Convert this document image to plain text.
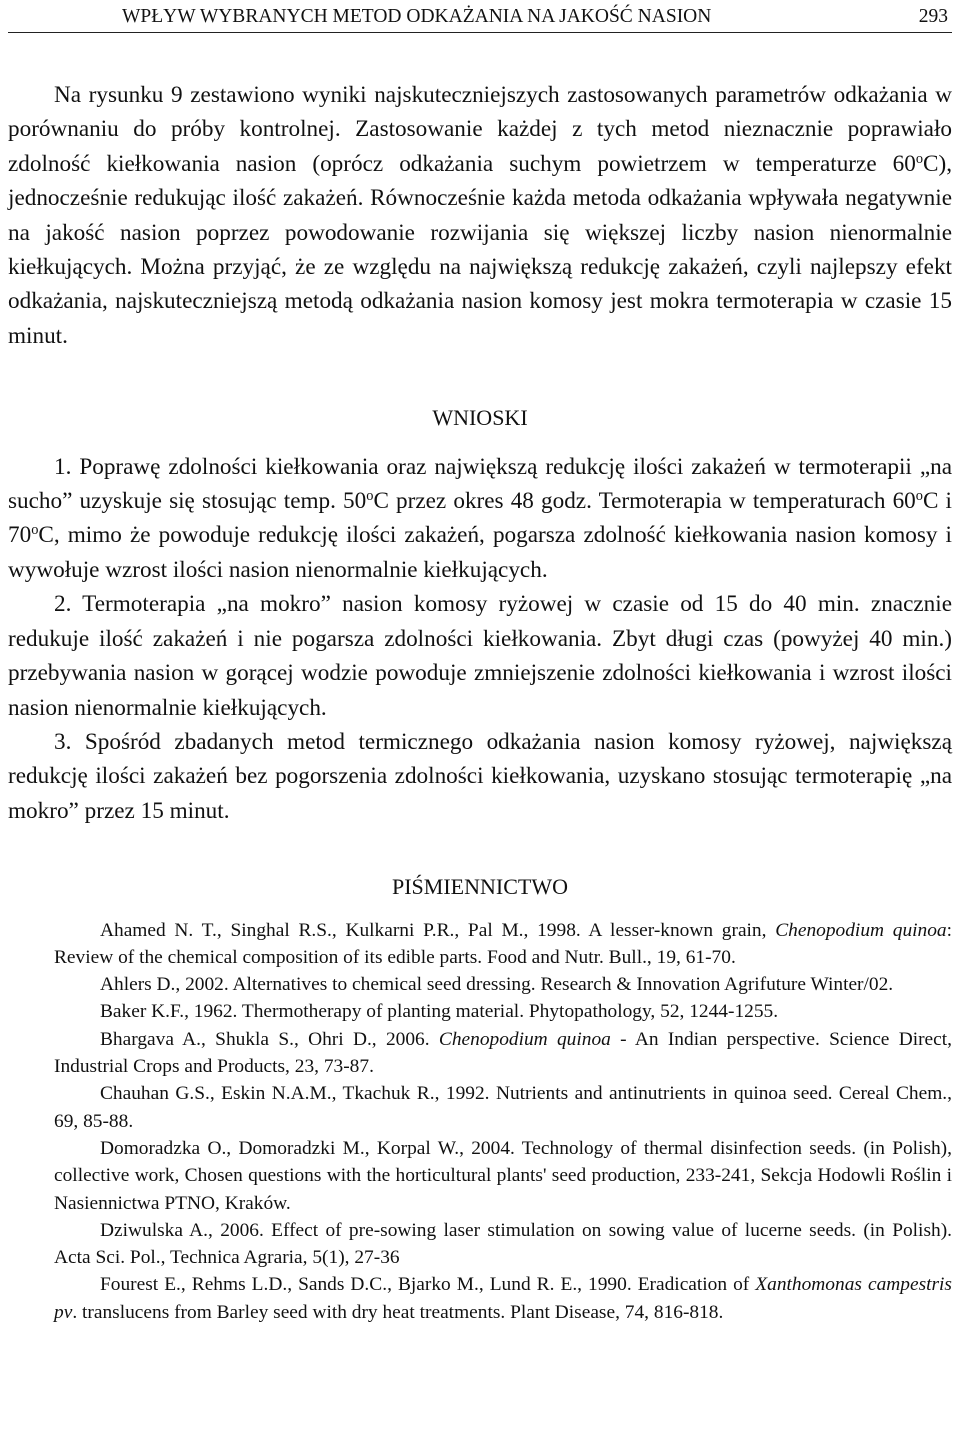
WPŁYW WYBRANYCH METOD ODKAŻANIA NA JAKOŚĆ NASION	293

Na rysunku 9 zestawiono wyniki najskuteczniejszych zastosowanych parametrów odkażania w porównaniu do próby kontrolnej. Zastosowanie każdej z tych metod nieznacznie poprawiało zdolność kiełkowania nasion (oprócz odkażania suchym powietrzem w temperaturze 60$^o$C), jednocześnie redukując ilość zakażeń. Równocześnie każda metoda odkażania wpływała negatywnie na jakość nasion poprzez powodowanie rozwijania się większej liczby nasion nienormalnie kiełkujących. Można przyjąć, że ze względu na największą redukcję zakażeń, czyli najlepszy efekt odkażania, najskuteczniejszą metodą odkażania nasion komosy jest mokra termoterapia w czasie 15 minut.

WNIOSKI

1. Poprawę zdolności kiełkowania oraz największą redukcję ilości zakażeń w termoterapii „na sucho” uzyskuje się stosując temp. 50$^o$C przez okres 48 godz. Termoterapia w temperaturach 60$^o$C i 70$^o$C, mimo że powoduje redukcję ilości zakażeń, pogarsza zdolność kiełkowania nasion komosy i wywołuje wzrost ilości nasion nienormalnie kiełkujących.

2. Termoterapia „na mokro” nasion komosy ryżowej w czasie od 15 do 40 min. znacznie redukuje ilość zakażeń i nie pogarsza zdolności kiełkowania. Zbyt długi czas (powyżej 40 min.) przebywania nasion w gorącej wodzie powoduje zmniejszenie zdolności kiełkowania i wzrost ilości nasion nienormalnie kiełkujących.

3. Spośród zbadanych metod termicznego odkażania nasion komosy ryżowej, największą redukcję ilości zakażeń bez pogorszenia zdolności kiełkowania, uzyskano stosując termoterapię „na mokro” przez 15 minut.

PIŚMIENNICTWO

Ahamed N. T., Singhal R.S., Kulkarni P.R., Pal M., 1998. A lesser-known grain, Chenopodium quinoa: Review of the chemical composition of its edible parts. Food and Nutr. Bull., 19, 61-70.

Ahlers D., 2002. Alternatives to chemical seed dressing. Research & Innovation Agrifuture Winter/02.

Baker K.F., 1962. Thermotherapy of planting material. Phytopathology, 52, 1244-1255.

Bhargava A., Shukla S., Ohri D., 2006. Chenopodium quinoa - An Indian perspective. Science Direct, Industrial Crops and Products, 23, 73-87.

Chauhan G.S., Eskin N.A.M., Tkachuk R., 1992. Nutrients and antinutrients in quinoa seed. Cereal Chem., 69, 85-88.

Domoradzka O., Domoradzki M., Korpal W., 2004. Technology of thermal disinfection seeds. (in Polish), collective work, Chosen questions with the horticultural plants' seed production, 233-241, Sekcja Hodowli Roślin i Nasiennictwa PTNO, Kraków.

Dziwulska A., 2006. Effect of pre-sowing laser stimulation on sowing value of lucerne seeds. (in Polish). Acta Sci. Pol., Technica Agraria, 5(1), 27-36

Fourest E., Rehms L.D., Sands D.C., Bjarko M., Lund R. E., 1990. Eradication of Xanthomonas campestris pv. translucens from Barley seed with dry heat treatments. Plant Disease, 74, 816-818.
